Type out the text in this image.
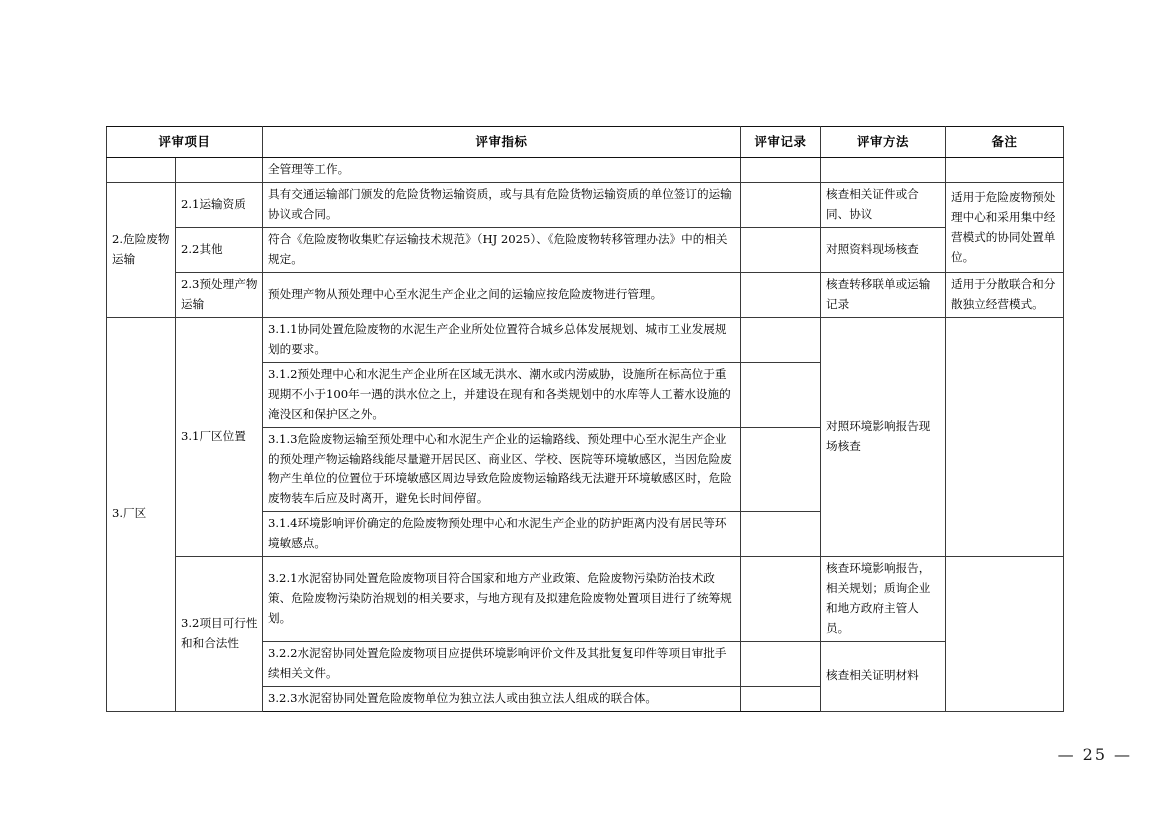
评审项目		评审指标	评审记录	评审方法	备注
		全管理等工作。			
2.危险废物运输	2.1运输资质	具有交通运输部门颁发的危险货物运输资质，或与具有危险货物运输资质的单位签订的运输协议或合同。		核查相关证件或合同、协议	适用于危险废物预处理中心和采用集中经营模式的协同处置单位。
	2.2其他	符合《危险废物收集贮存运输技术规范》（HJ 2025）、《危险废物转移管理办法》中的相关规定。		对照资料现场核查	
	2.3预处理产物运输	预处理产物从预处理中心至水泥生产企业之间的运输应按危险废物进行管理。		核查转移联单或运输记录	适用于分散联合和分散独立经营模式。
3.厂区	3.1厂区位置	3.1.1协同处置危险废物的水泥生产企业所处位置符合城乡总体发展规划、城市工业发展规划的要求。		对照环境影响报告现场核查	
		3.1.2预处理中心和水泥生产企业所在区域无洪水、潮水或内涝威胁，设施所在标高位于重现期不小于100年一遇的洪水位之上，并建设在现有和各类规划中的水库等人工蓄水设施的淹没区和保护区之外。			
		3.1.3危险废物运输至预处理中心和水泥生产企业的运输路线、预处理中心至水泥生产企业的预处理产物运输路线能尽量避开居民区、商业区、学校、医院等环境敏感区，当因危险废物产生单位的位置位于环境敏感区周边导致危险废物运输路线无法避开环境敏感区时，危险废物装车后应及时离开，避免长时间停留。			
		3.1.4环境影响评价确定的危险废物预处理中心和水泥生产企业的防护距离内没有居民等环境敏感点。			
	3.2项目可行性和和合法性	3.2.1水泥窑协同处置危险废物项目符合国家和地方产业政策、危险废物污染防治技术政策、危险废物污染防治规划的相关要求，与地方现有及拟建危险废物处置项目进行了统筹规划。		核查环境影响报告，相关规划；质询企业和地方政府主管人员。	
		3.2.2水泥窑协同处置危险废物项目应提供环境影响评价文件及其批复复印件等项目审批手续相关文件。		核查相关证明材料	
		3.2.3水泥窑协同处置危险废物单位为独立法人或由独立法人组成的联合体。			
— 25 —
